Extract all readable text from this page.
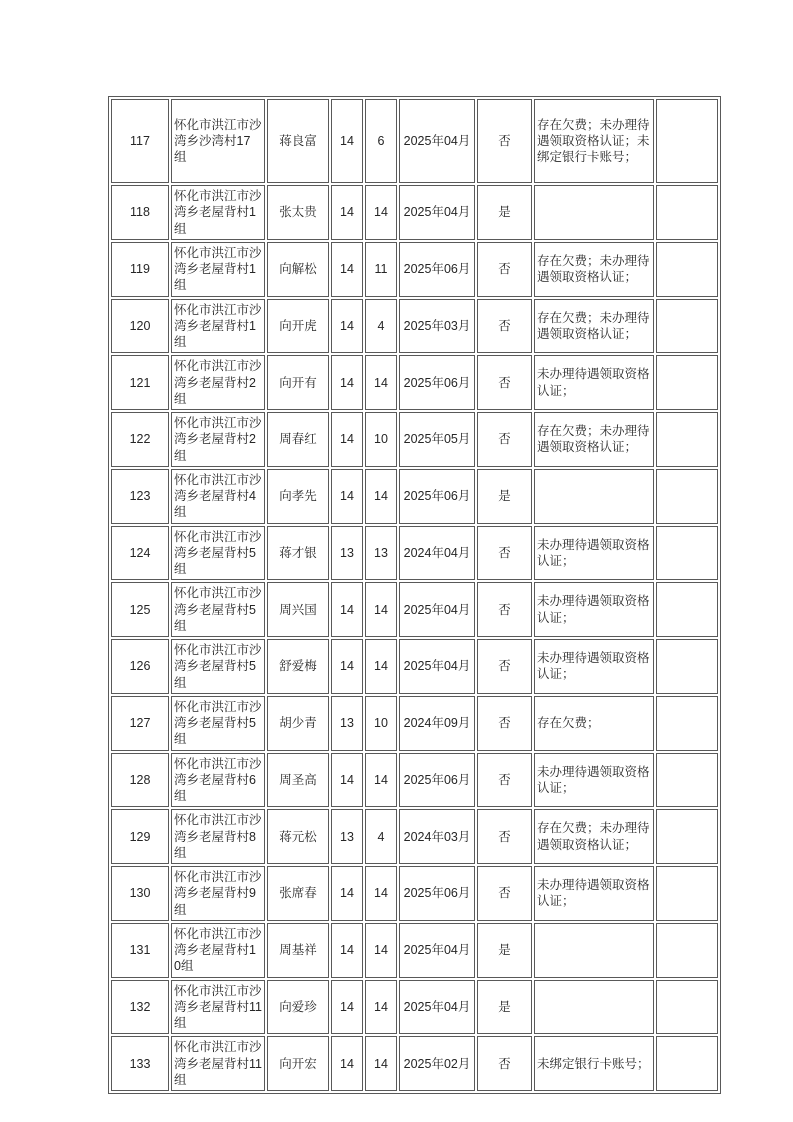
117	怀化市洪江市沙湾乡沙湾村17组	蒋良富	14	6	2025年04月	否	存在欠费；未办理待遇领取资格认证；未绑定银行卡账号；	
118	怀化市洪江市沙湾乡老屋背村1组	张太贵	14	14	2025年04月	是		
119	怀化市洪江市沙湾乡老屋背村1组	向解松	14	11	2025年06月	否	存在欠费；未办理待遇领取资格认证；	
120	怀化市洪江市沙湾乡老屋背村1组	向开虎	14	4	2025年03月	否	存在欠费；未办理待遇领取资格认证；	
121	怀化市洪江市沙湾乡老屋背村2组	向开有	14	14	2025年06月	否	未办理待遇领取资格认证；	
122	怀化市洪江市沙湾乡老屋背村2组	周春红	14	10	2025年05月	否	存在欠费；未办理待遇领取资格认证；	
123	怀化市洪江市沙湾乡老屋背村4组	向孝先	14	14	2025年06月	是		
124	怀化市洪江市沙湾乡老屋背村5组	蒋才银	13	13	2024年04月	否	未办理待遇领取资格认证；	
125	怀化市洪江市沙湾乡老屋背村5组	周兴国	14	14	2025年04月	否	未办理待遇领取资格认证；	
126	怀化市洪江市沙湾乡老屋背村5组	舒爱梅	14	14	2025年04月	否	未办理待遇领取资格认证；	
127	怀化市洪江市沙湾乡老屋背村5组	胡少青	13	10	2024年09月	否	存在欠费；	
128	怀化市洪江市沙湾乡老屋背村6组	周圣高	14	14	2025年06月	否	未办理待遇领取资格认证；	
129	怀化市洪江市沙湾乡老屋背村8组	蒋元松	13	4	2024年03月	否	存在欠费；未办理待遇领取资格认证；	
130	怀化市洪江市沙湾乡老屋背村9组	张席春	14	14	2025年06月	否	未办理待遇领取资格认证；	
131	怀化市洪江市沙湾乡老屋背村10组	周基祥	14	14	2025年04月	是		
132	怀化市洪江市沙湾乡老屋背村11组	向爱珍	14	14	2025年04月	是		
133	怀化市洪江市沙湾乡老屋背村11组	向开宏	14	14	2025年02月	否	未绑定银行卡账号；	
